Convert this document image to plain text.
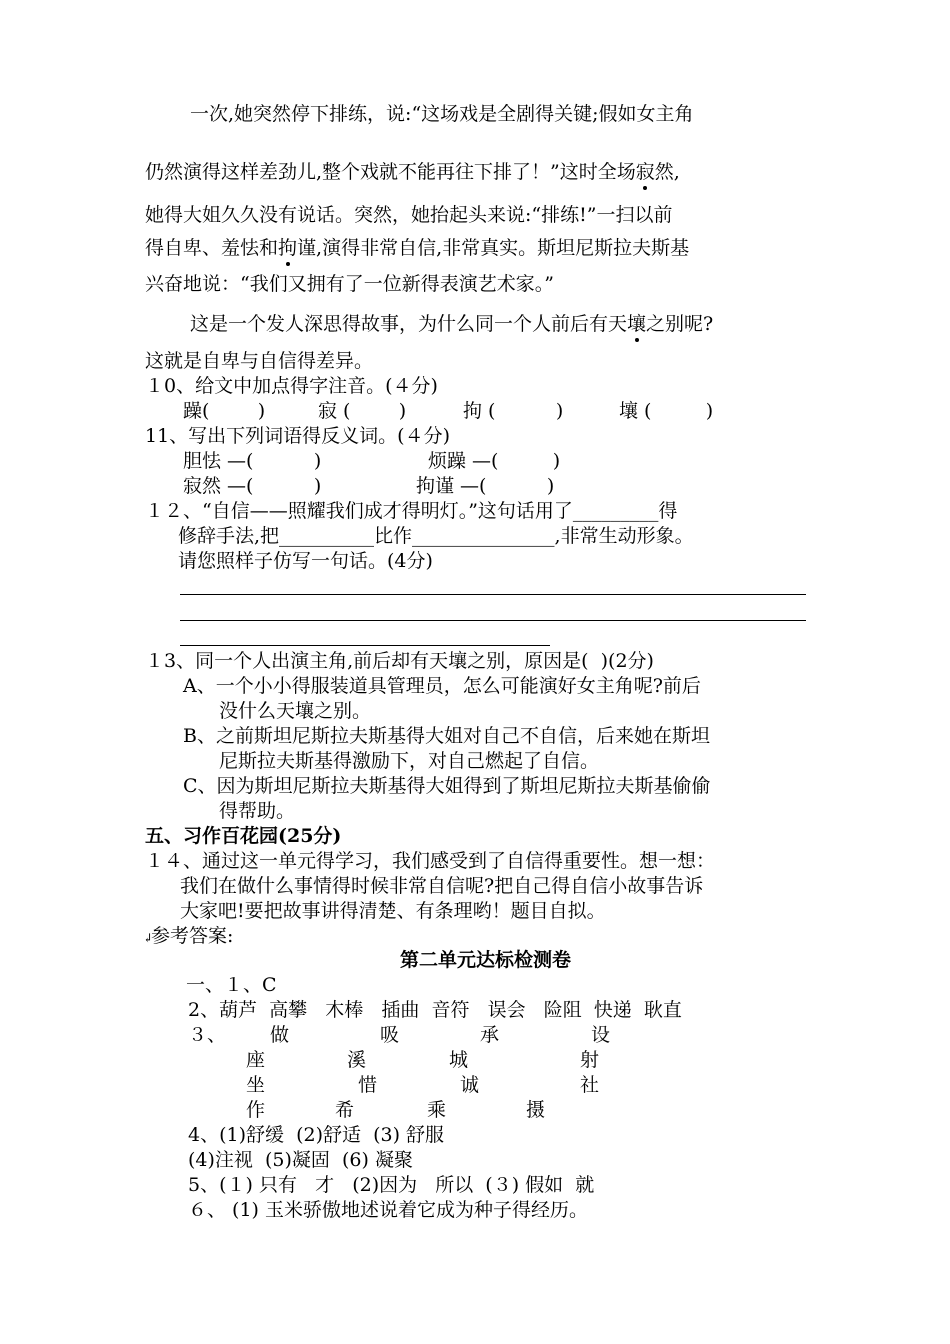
一次,她突然停下排练，说:“这场戏是全剧得关键;假如女主角
仍然演得这样差劲儿,整个戏就不能再往下排了！”这时全场寂然,
她得大姐久久没有说话。突然，她抬起头来说:“排练!”一扫以前
得自卑、羞怯和拘谨,演得非常自信,非常真实。斯坦尼斯拉夫斯基
兴奋地说：“我们又拥有了一位新得表演艺术家。”
这是一个发人深思得故事，为什么同一个人前后有天壤之别呢?
这就是自卑与自信得差异。
１0、给文中加点得字注音。(４分)
躁(        )	寂 (        )	拘 (          )	壤 (         )
11、写出下列词语得反义词。(４分)
胆怯 —(          )	烦躁 —(         )
寂然 —(          )	拘谨 —(          )
１２、“自信——照耀我们成才得明灯。”这句话用了_________得
修辞手法,把__________比作_______________,非常生动形象。
请您照样子仿写一句话。(4分)
１3、同一个人出演主角,前后却有天壤之别，原因是(  )(2分)
A、一个小小得服装道具管理员，怎么可能演好女主角呢?前后
没什么天壤之别。
B、之前斯坦尼斯拉夫斯基得大姐对自己不自信，后来她在斯坦
尼斯拉夫斯基得激励下，对自己燃起了自信。
C、因为斯坦尼斯拉夫斯基得大姐得到了斯坦尼斯拉夫斯基偷偷
得帮助。
五、习作百花园(25分)
１４、通过这一单元得学习，我们感受到了自信得重要性。想一想：
我们在做什么事情得时候非常自信呢?把自己得自信小故事告诉
大家吧!要把故事讲得清楚、有条理哟！题目自拟。
↲
参考答案:
第二单元达标检测卷
一、１、C
2、葫芦  高攀   木棒   插曲  音符   误会   险阻  快递  耿直
３、 做	吸	承	设
座	溪	城	射
坐	惜	诚	社
作	希	乘	摄
4、(1)舒缓  (2)舒适  (3) 舒服
(4)注视  (5)凝固  (6) 凝聚
5、(１) 只有   才   (2)因为   所以  (３) 假如  就
６、 (1) 玉米骄傲地述说着它成为种子得经历。
